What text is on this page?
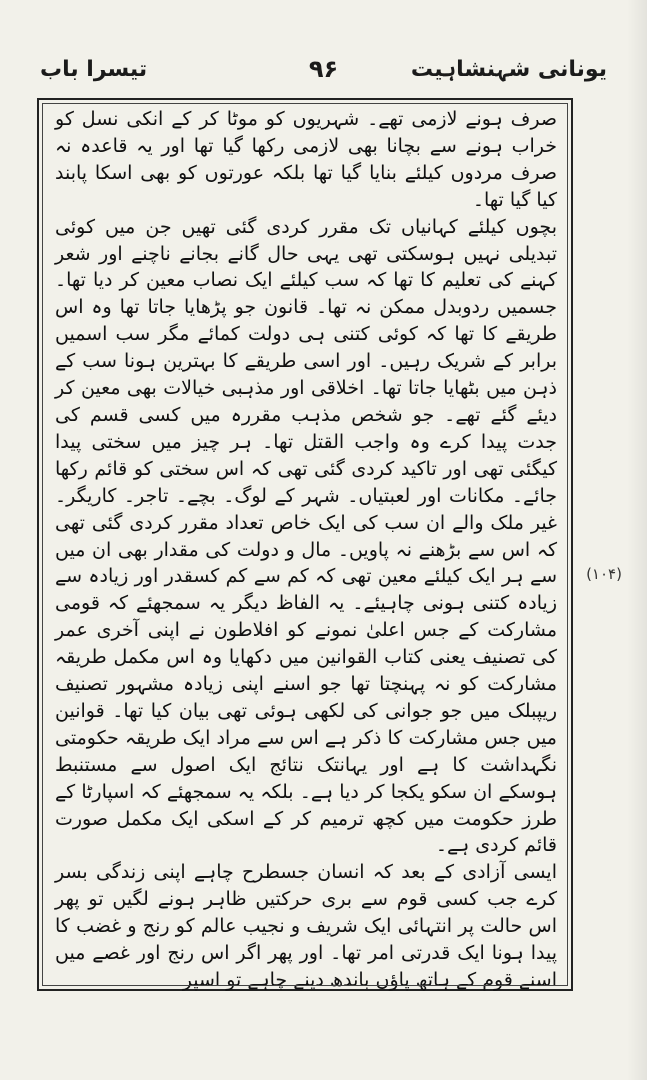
یونانی شہنشاہیت
۹۶
تیسرا باب

صرف ہونے لازمی تھے۔ شہریوں کو موٹا کر کے انکی نسل کو خراب ہونے سے بچانا بھی لازمی رکھا گیا تھا اور یہ قاعدہ نہ صرف مردوں کیلئے بنایا گیا تھا بلکہ عورتوں کو بھی اسکا پابند کیا گیا تھا۔

بچوں کیلئے کہانیاں تک مقرر کردی گئی تھیں جن میں کوئی تبدیلی نہیں ہوسکتی تھی یہی حال گانے بجانے ناچنے اور شعر کہنے کی تعلیم کا تھا کہ سب کیلئے ایک نصاب معین کر دیا تھا۔ جسمیں ردوبدل ممکن نہ تھا۔ قانون جو پڑھایا جاتا تھا وہ اس طریقے کا تھا کہ کوئی کتنی ہی دولت کمائے مگر سب اسمیں برابر کے شریک رہیں۔ اور اسی طریقے کا بہترین ہونا سب کے ذہن میں بٹھایا جاتا تھا۔ اخلاقی اور مذہبی خیالات بھی معین کر دیئے گئے تھے۔ جو شخص مذہب مقررہ میں کسی قسم کی جدت پیدا کرے وہ واجب القتل تھا۔ ہر چیز میں سختی پیدا کیگئی تھی اور تاکید کردی گئی تھی کہ اس سختی کو قائم رکھا جائے۔ مکانات اور لعبتیاں۔ شہر کے لوگ۔ بچے۔ تاجر۔ کاریگر۔ غیر ملک والے ان سب کی ایک خاص تعداد مقرر کردی گئی تھی کہ اس سے بڑھنے نہ پاویں۔ مال و دولت کی مقدار بھی ان میں سے ہر ایک کیلئے معین تھی کہ کم سے کم کسقدر اور زیادہ سے زیادہ کتنی ہونی چاہیئے۔ یہ الفاظ دیگر یہ سمجھئے کہ قومی مشارکت کے جس اعلیٰ نمونے کو افلاطون نے اپنی آخری عمر کی تصنیف یعنی کتاب القوانین میں دکھایا وہ اس مکمل طریقہ مشارکت کو نہ پہنچتا تھا جو اسنے اپنی زیادہ مشہور تصنیف ریپبلک میں جو جوانی کی لکھی ہوئی تھی بیان کیا تھا۔ قوانین میں جس مشارکت کا ذکر ہے اس سے مراد ایک طریقہ حکومتی نگہداشت کا ہے اور یہانتک نتائج ایک اصول سے مستنبط ہوسکے ان سکو یکجا کر دیا ہے۔ بلکہ یہ سمجھئے کہ اسپارٹا کے طرز حکومت میں کچھ ترمیم کر کے اسکی ایک مکمل صورت قائم کردی ہے۔

ایسی آزادی کے بعد کہ انسان جسطرح چاہے اپنی زندگی بسر کرے جب کسی قوم سے بری حرکتیں ظاہر ہونے لگیں تو پھر اس حالت پر انتہائی ایک شریف و نجیب عالم کو رنج و غضب کا پیدا ہونا ایک قدرتی امر تھا۔ اور پھر اگر اس رنج اور غصے میں اسنے قوم کے ہاتھ پاؤں باندھ دینے چاہے تو اسپر

(۱۰۴)
